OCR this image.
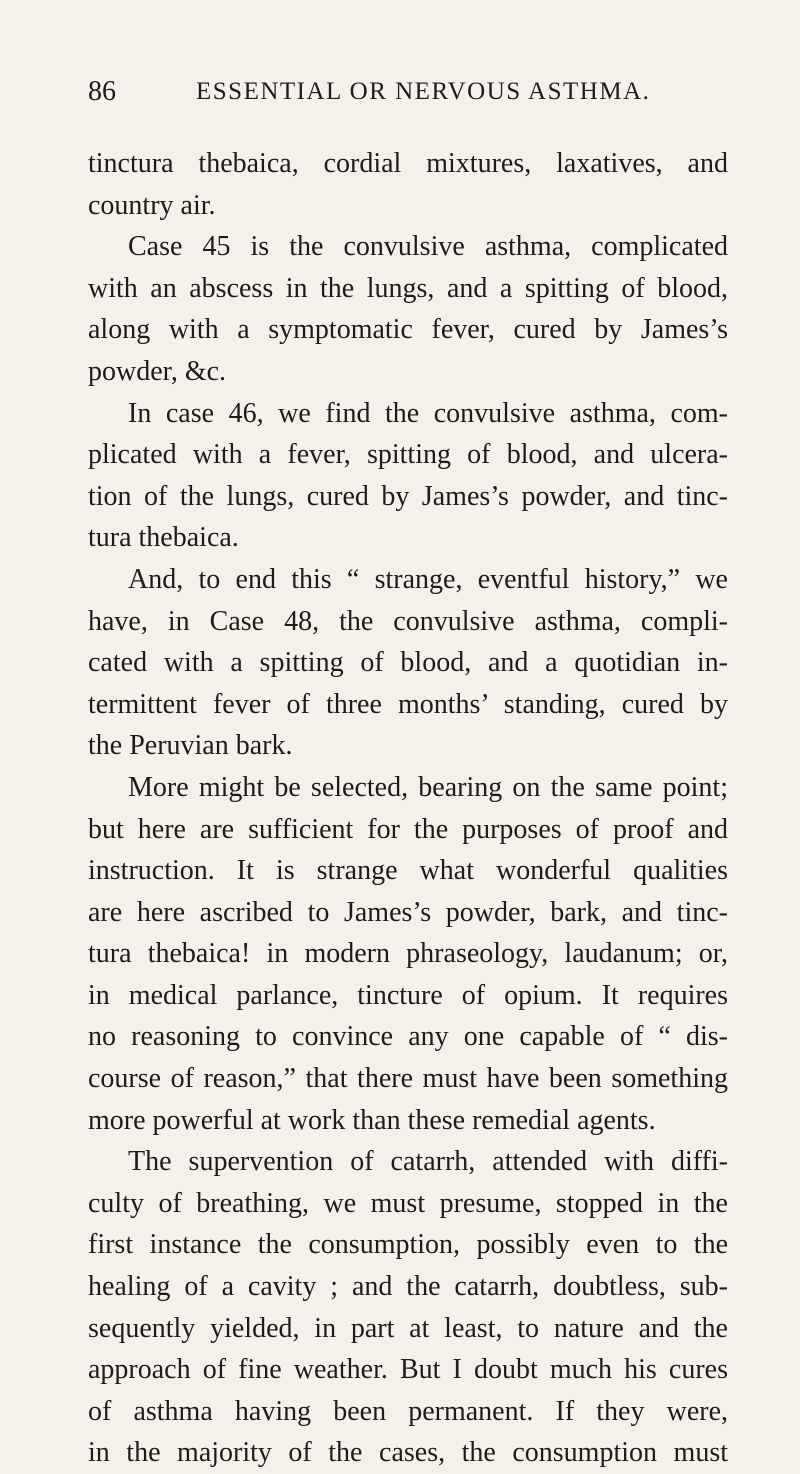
86	ESSENTIAL OR NERVOUS ASTHMA.
tinctura thebaica, cordial mixtures, laxatives, and
country air.
Case 45 is the convulsive asthma, complicated
with an abscess in the lungs, and a spitting of blood,
along with a symptomatic fever, cured by James’s
powder, &c.
In case 46, we find the convulsive asthma, com-
plicated with a fever, spitting of blood, and ulcera-
tion of the lungs, cured by James’s powder, and tinc-
tura thebaica.
And, to end this “ strange, eventful history,” we
have, in Case 48, the convulsive asthma, compli-
cated with a spitting of blood, and a quotidian in-
termittent fever of three months’ standing, cured by
the Peruvian bark.
More might be selected, bearing on the same point;
but here are sufficient for the purposes of proof and
instruction. It is strange what wonderful qualities
are here ascribed to James’s powder, bark, and tinc-
tura thebaica! in modern phraseology, laudanum; or,
in medical parlance, tincture of opium. It requires
no reasoning to convince any one capable of “ dis-
course of reason,” that there must have been something
more powerful at work than these remedial agents.
The supervention of catarrh, attended with diffi-
culty of breathing, we must presume, stopped in the
first instance the consumption, possibly even to the
healing of a cavity ; and the catarrh, doubtless, sub-
sequently yielded, in part at least, to nature and the
approach of fine weather. But I doubt much his cures
of asthma having been permanent. If they were,
in the majority of the cases, the consumption must
